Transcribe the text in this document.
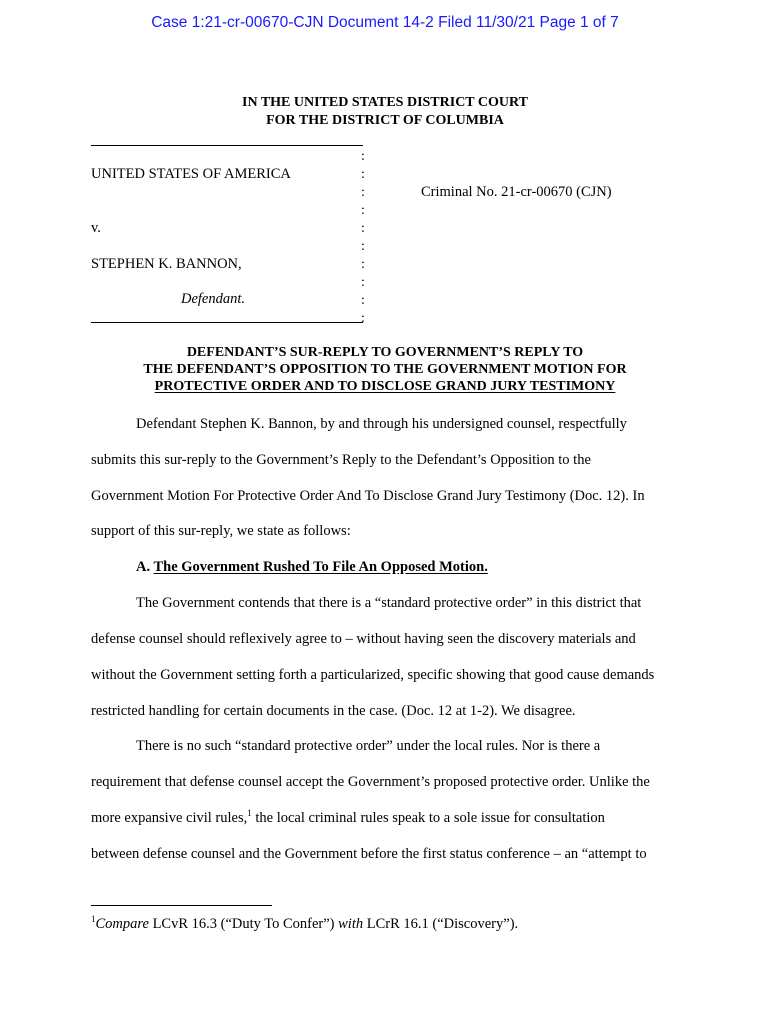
Case 1:21-cr-00670-CJN Document 14-2 Filed 11/30/21 Page 1 of 7
IN THE UNITED STATES DISTRICT COURT
FOR THE DISTRICT OF COLUMBIA
:
:
:
:
:
:
:
:
:
:
UNITED STATES OF AMERICA
Criminal No. 21-cr-00670 (CJN)
v.
STEPHEN K. BANNON,
Defendant.
DEFENDANT’S SUR-REPLY TO GOVERNMENT’S REPLY TO
THE DEFENDANT’S OPPOSITION TO THE GOVERNMENT MOTION FOR
PROTECTIVE ORDER AND TO DISCLOSE GRAND JURY TESTIMONY
Defendant Stephen K. Bannon, by and through his undersigned counsel, respectfully
submits this sur-reply to the Government’s Reply to the Defendant’s Opposition to the
Government Motion For Protective Order And To Disclose Grand Jury Testimony (Doc. 12). In
support of this sur-reply, we state as follows:
A. The Government Rushed To File An Opposed Motion.
The Government contends that there is a “standard protective order” in this district that
defense counsel should reflexively agree to – without having seen the discovery materials and
without the Government setting forth a particularized, specific showing that good cause demands
restricted handling for certain documents in the case. (Doc. 12 at 1-2). We disagree.
There is no such “standard protective order” under the local rules. Nor is there a
requirement that defense counsel accept the Government’s proposed protective order. Unlike the
more expansive civil rules,$^1$ the local criminal rules speak to a sole issue for consultation
between defense counsel and the Government before the first status conference – an “attempt to
$^1$Compare LCvR 16.3 (“Duty To Confer”) with LCrR 16.1 (“Discovery”).
